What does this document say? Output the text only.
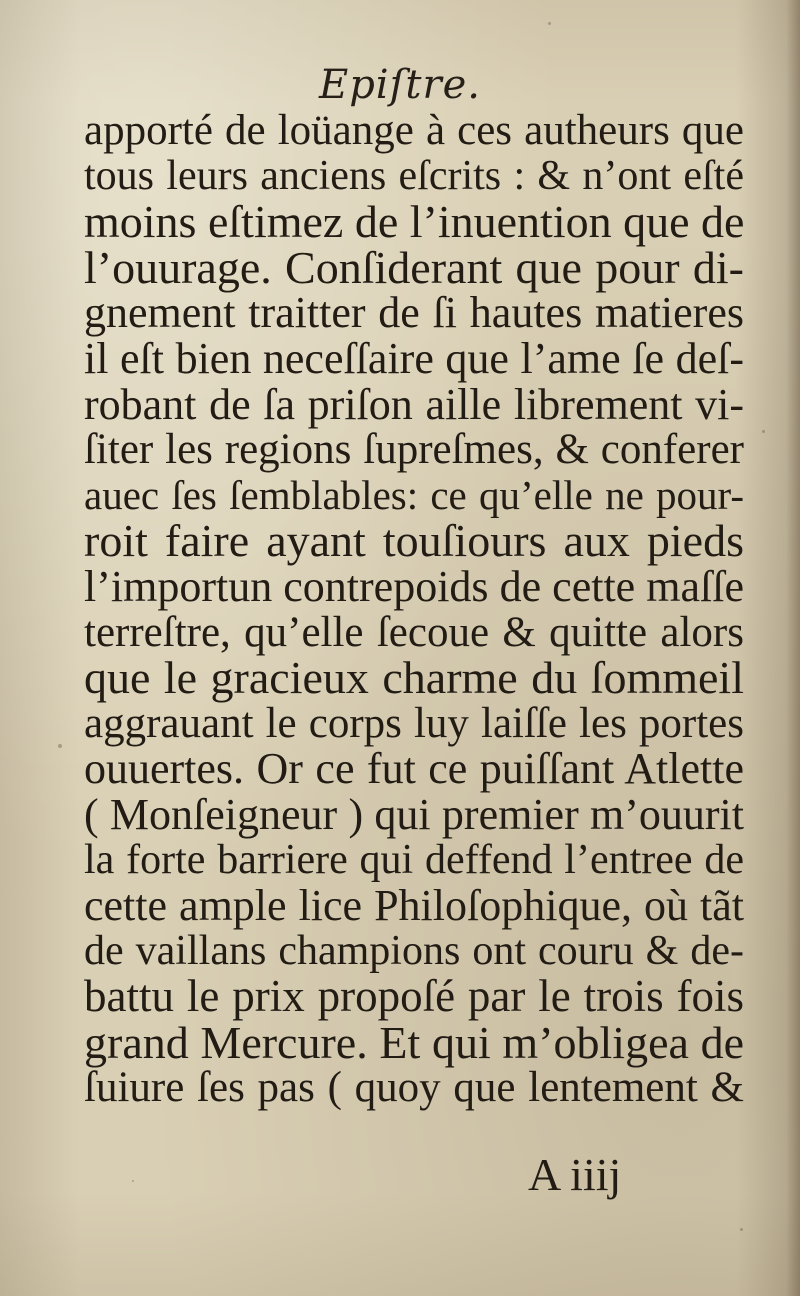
Epiſtre.
apporté de loüange à ces autheurs que
tous leurs anciens eſcrits : & n’ont eſté
moins eſtimez de l’inuention que de
l’ouurage. Conſiderant que pour di-
gnement traitter de ſi hautes matieres
il eſt bien neceſſaire que l’ame ſe deſ-
robant de ſa priſon aille librement vi-
ſiter les regions ſupreſmes, & conferer
auec ſes ſemblables: ce qu’elle ne pour-
roit faire ayant touſiours aux pieds
l’importun contrepoids de cette maſſe
terreſtre, qu’elle ſecoue & quitte alors
que le gracieux charme du ſommeil
aggrauant le corps luy laiſſe les portes
ouuertes. Or ce fut ce puiſſant Atlette
( Monſeigneur ) qui premier m’ouurit
la forte barriere qui deffend l’entree de
cette ample lice Philoſophique, où tãt
de vaillans champions ont couru & de-
battu le prix propoſé par le trois fois
grand Mercure. Et qui m’obligea de
ſuiure ſes pas ( quoy que lentement &
A iiij
